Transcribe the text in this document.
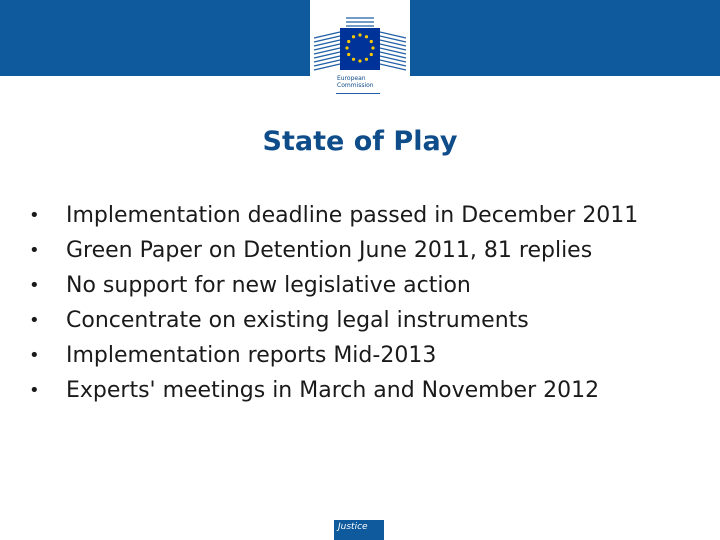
European
Commission
State of Play
• Implementation deadline passed in December 2011
• Green Paper on Detention June 2011, 81 replies
• No support for new legislative action
• Concentrate on existing legal instruments
• Implementation reports Mid-2013
• Experts' meetings in March and November 2012
Justice
